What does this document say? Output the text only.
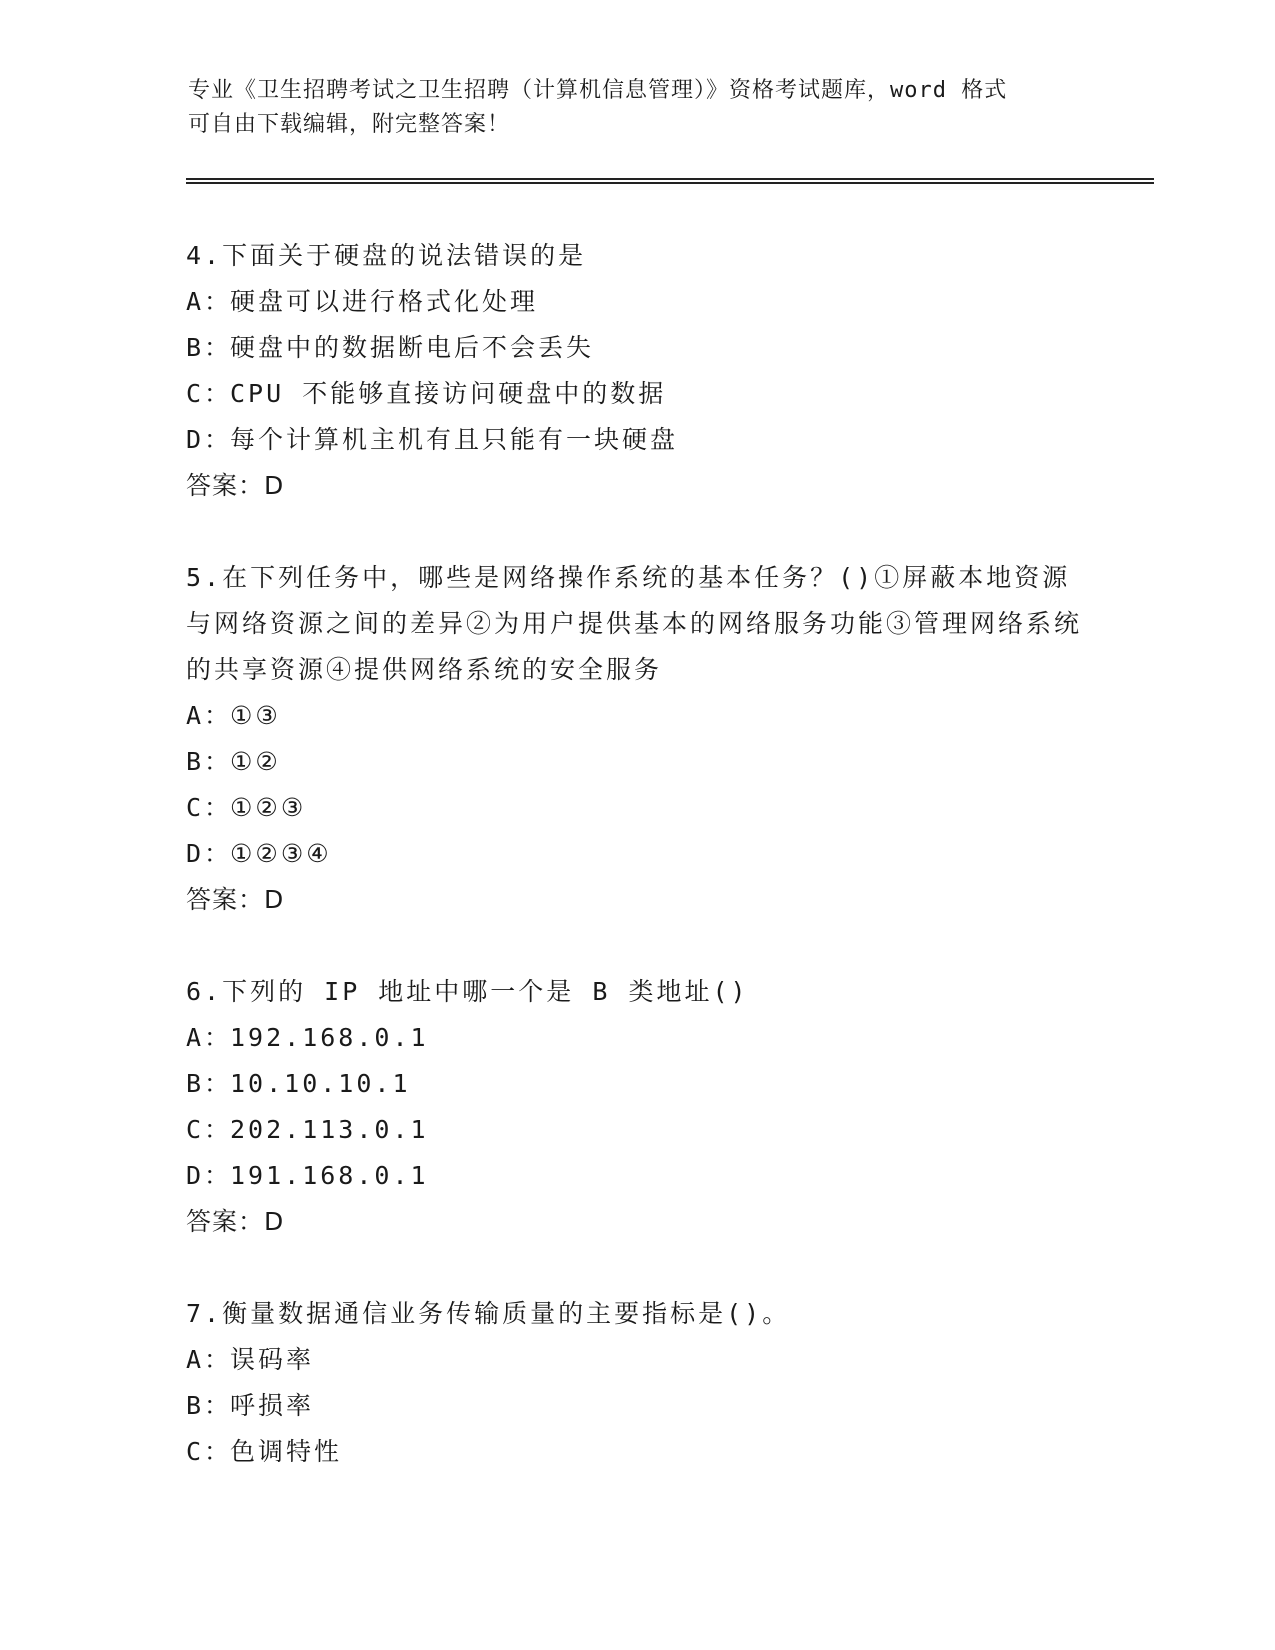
专业《卫生招聘考试之卫生招聘（计算机信息管理）》资格考试题库，word 格式
可自由下载编辑，附完整答案！
4.下面关于硬盘的说法错误的是
A：硬盘可以进行格式化处理
B：硬盘中的数据断电后不会丢失
C：CPU 不能够直接访问硬盘中的数据
D：每个计算机主机有且只能有一块硬盘
答案：D
5.在下列任务中，哪些是网络操作系统的基本任务？()①屏蔽本地资源与网络资源之间的差异②为用户提供基本的网络服务功能③管理网络系统的共享资源④提供网络系统的安全服务
A：①③
B：①②
C：①②③
D：①②③④
答案：D
6.下列的 IP 地址中哪一个是 B 类地址()
A：192.168.0.1
B：10.10.10.1
C：202.113.0.1
D：191.168.0.1
答案：D
7.衡量数据通信业务传输质量的主要指标是()。
A：误码率
B：呼损率
C：色调特性
